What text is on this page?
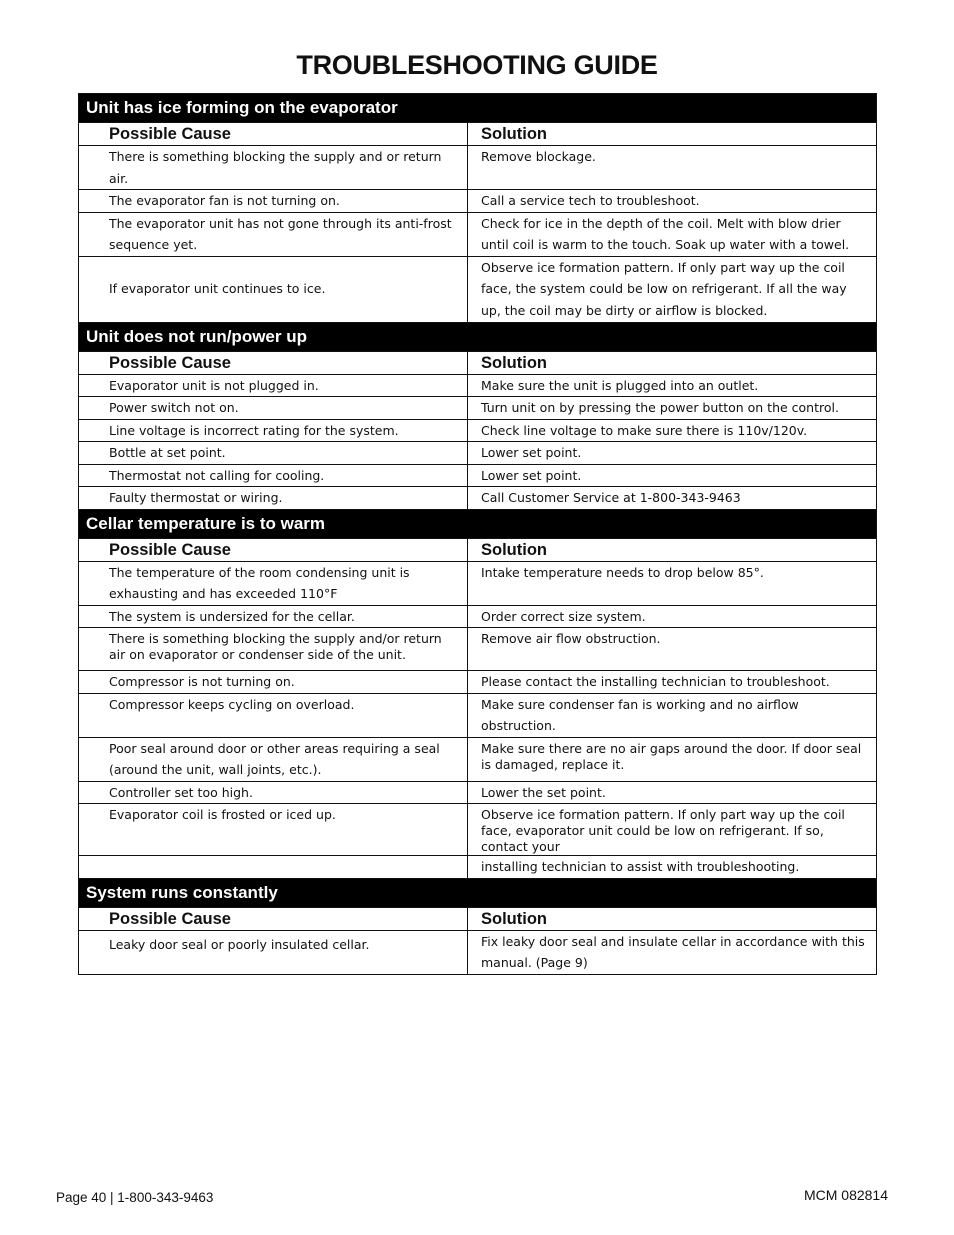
TROUBLESHOOTING GUIDE
Unit has ice forming on the evaporator	
Possible Cause	Solution
There is something blocking the supply and or return air.	Remove blockage.
The evaporator fan is not turning on.	Call a service tech to troubleshoot.
The evaporator unit has not gone through its anti-frost sequence yet.	Check for ice in the depth of the coil. Melt with blow drier until coil is warm to the touch. Soak up water with a towel.
If evaporator unit continues to ice.	Observe ice formation pattern. If only part way up the coil face, the system could be low on refrigerant. If all the way up, the coil may be dirty or airflow is blocked.
Unit does not run/power up	
Possible Cause	Solution
Evaporator unit is not plugged in.	Make sure the unit is plugged into an outlet.
Power switch not on.	Turn unit on by pressing the power button on the control.
Line voltage is incorrect rating for the system.	Check line voltage to make sure there is 110v/120v.
Bottle at set point.	Lower set point.
Thermostat not calling for cooling.	Lower set point.
Faulty thermostat or wiring.	Call Customer Service at 1-800-343-9463
Cellar temperature is to warm	
Possible Cause	Solution
The temperature of the room condensing unit is exhausting and has exceeded 110°F	Intake temperature needs to drop below 85°.
The system is undersized for the cellar.	Order correct size system.
There is something blocking the supply and/or return air on evaporator or condenser side of the unit.	Remove air flow obstruction.
Compressor is not turning on.	Please contact the installing technician to troubleshoot.
Compressor keeps cycling on overload.	Make sure condenser fan is working and no airflow obstruction.
Poor seal around door or other areas requiring a seal (around the unit, wall joints, etc.).	Make sure there are no air gaps around the door. If door seal is damaged, replace it.
Controller set too high.	Lower the set point.
Evaporator coil is frosted or iced up.	Observe ice formation pattern. If only part way up the coil face, evaporator unit could be low on refrigerant. If so, contact your
	installing technician to assist with troubleshooting.
System runs constantly	
Possible Cause	Solution
Leaky door seal or poorly insulated cellar.	Fix leaky door seal and insulate cellar in accordance with this manual. (Page 9)
Page 40 | 1-800-343-9463	MCM 082814
